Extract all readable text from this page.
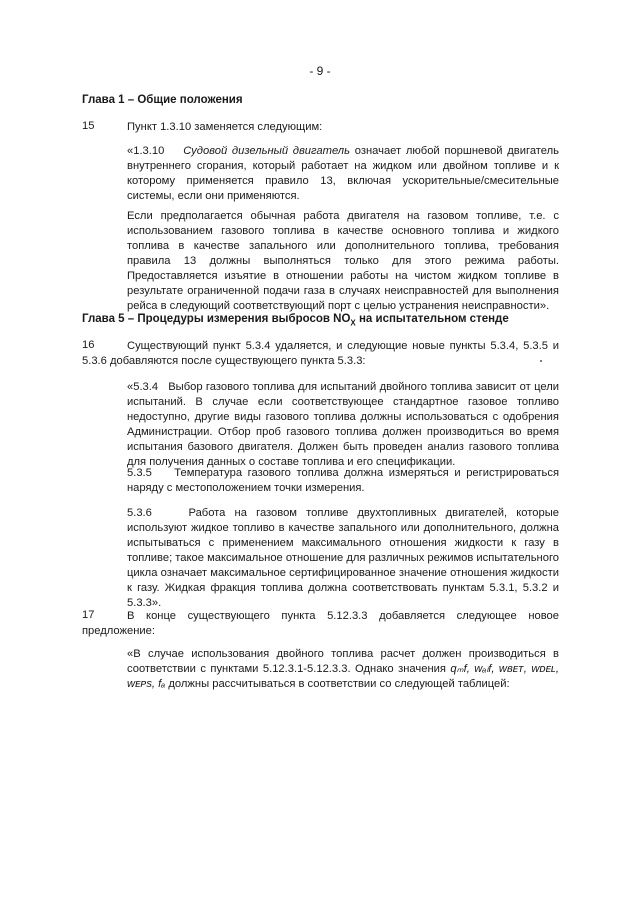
- 9 -
Глава 1 – Общие положения
15	Пункт 1.3.10 заменяется следующим:

«1.3.10 Судовой дизельный двигатель означает любой поршневой двигатель внутреннего сгорания, который работает на жидком или двойном топливе и к которому применяется правило 13, включая ускорительные/смесительные системы, если они применяются.

Если предполагается обычная работа двигателя на газовом топливе, т.е. с использованием газового топлива в качестве основного топлива и жидкого топлива в качестве запального или дополнительного топлива, требования правила 13 должны выполняться только для этого режима работы. Предоставляется изъятие в отношении работы на чистом жидком топливе в результате ограниченной подачи газа в случаях неисправностей для выполнения рейса в следующий соответствующий порт с целью устранения неисправности».

Глава 5 – Процедуры измерения выбросов $NO_X$ на испытательном стенде
16	Существующий пункт 5.3.4 удаляется, и следующие новые пункты 5.3.4, 5.3.5 и 5.3.6 добавляются после существующего пункта 5.3.3:

«5.3.4   Выбор газового топлива для испытаний двойного топлива зависит от цели испытаний. В случае если соответствующее стандартное газовое топливо недоступно, другие виды газового топлива должны использоваться с одобрения Администрации. Отбор проб газового топлива должен производиться во время испытания базового двигателя. Должен быть проведен анализ газового топлива для получения данных о составе топлива и его спецификации.

5.3.5    Температура газового топлива должна измеряться и регистрироваться наряду с местоположением точки измерения.

5.3.6    Работа на газовом топливе двухтопливных двигателей, которые используют жидкое топливо в качестве запального или дополнительного, должна испытываться с применением максимального отношения жидкости к газу в топливе; такое максимальное отношение для различных режимов испытательного цикла означает максимальное сертифицированное значение отношения жидкости к газу. Жидкая фракция топлива должна соответствовать пунктам 5.3.1, 5.3.2 и 5.3.3».

17	В конце существующего пункта 5.12.3.3 добавляется следующее новое предложение:

«В случае использования двойного топлива расчет должен производиться в соответствии с пунктами 5.12.3.1-5.12.3.3. Однако значения qₘf, wₐₗf, wʙᴇᴛ, wᴅᴇʟ, wᴇᴘѕ, fₐ должны рассчитываться в соответствии со следующей таблицей:
